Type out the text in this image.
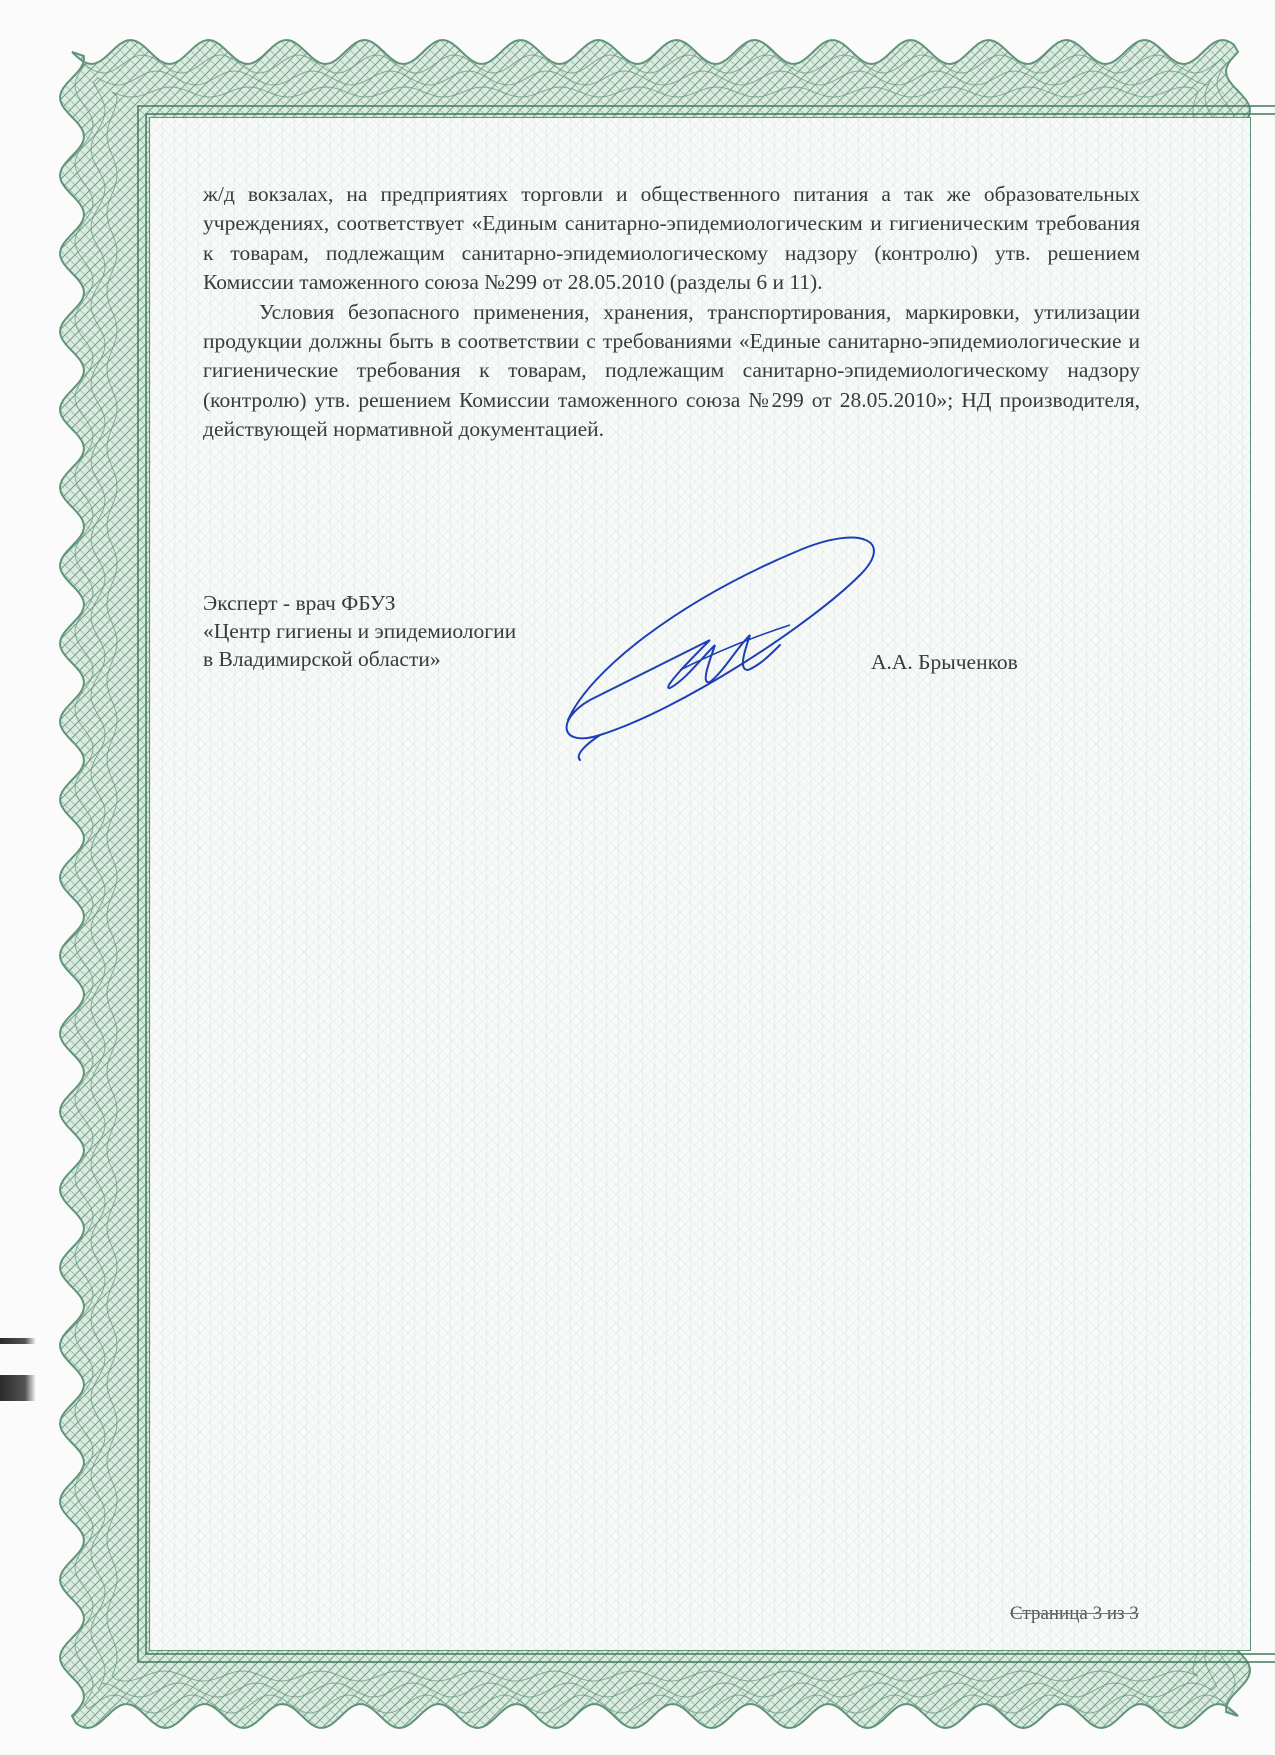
ж/д вокзалах, на предприятиях торговли и общественного питания а так же образовательных учреждениях, соответствует «Единым санитарно-эпидемиологическим и гигиеническим требования к товарам, подлежащим санитарно-эпидемиологическому надзору (контролю) утв. решением Комиссии таможенного союза №299 от 28.05.2010 (разделы 6 и 11).

Условия безопасного применения, хранения, транспортирования, маркировки, утилизации продукции должны быть в соответствии с требованиями «Единые санитарно-эпидемиологические и гигиенические требования к товарам, подлежащим санитарно-эпидемиологическому надзору (контролю) утв. решением Комиссии таможенного союза №299 от 28.05.2010»; НД производителя, действующей нормативной документацией.

Эксперт - врач ФБУЗ
«Центр гигиены и эпидемиологии
в Владимирской области»	А.А. Брыченков
Страница 3 из 3
